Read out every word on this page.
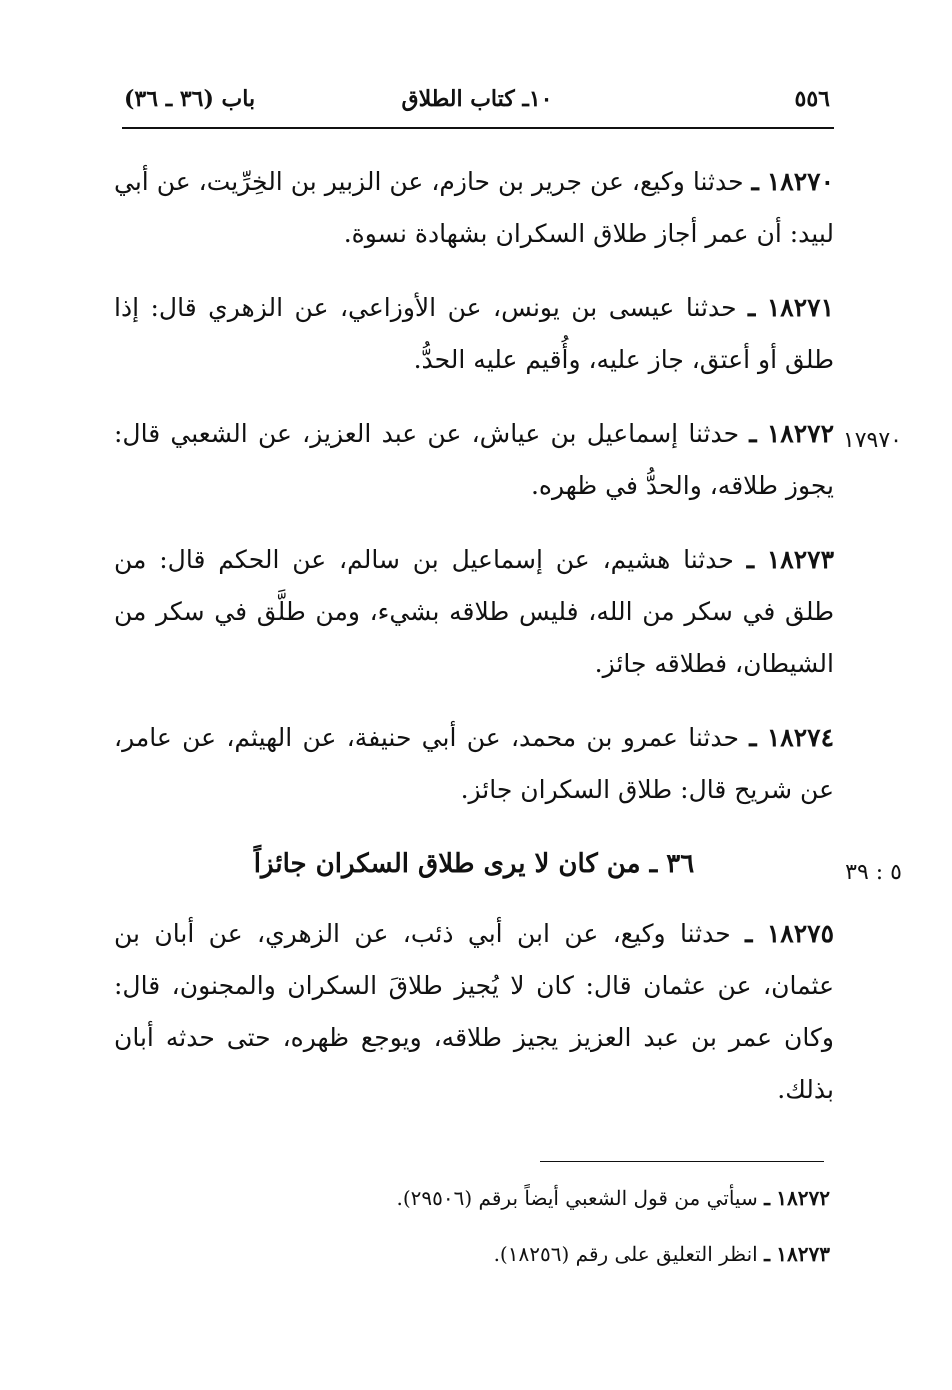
٥٥٦
١٠ـ كتاب الطلاق
باب (٣٦ ـ ٣٦)

١٨٢٧٠ ـ حدثنا وكيع، عن جرير بن حازم، عن الزبير بن الخِرِّيت، عن أبي لبيد: أن عمر أجاز طلاق السكران بشهادة نسوة.

١٨٢٧١ ـ حدثنا عيسى بن يونس، عن الأوزاعي، عن الزهري قال: إذا طلق أو أعتق، جاز عليه، وأُقيم عليه الحدُّ.

١٨٢٧٢ ـ حدثنا إسماعيل بن عياش، عن عبد العزيز، عن الشعبي قال: يجوز طلاقه، والحدُّ في ظهره.

١٨٢٧٣ ـ حدثنا هشيم، عن إسماعيل بن سالم، عن الحكم قال: من طلق في سكر من الله، فليس طلاقه بشيء، ومن طلَّق في سكر من الشيطان، فطلاقه جائز.

١٨٢٧٤ ـ حدثنا عمرو بن محمد، عن أبي حنيفة، عن الهيثم، عن عامر، عن شريح قال: طلاق السكران جائز.

٣٦ ـ من كان لا يرى طلاق السكران جائزاً

١٨٢٧٥ ـ حدثنا وكيع، عن ابن أبي ذئب، عن الزهري، عن أبان بن عثمان، عن عثمان قال: كان لا يُجيز طلاقَ السكران والمجنون، قال: وكان عمر بن عبد العزيز يجيز طلاقه، ويوجع ظهره، حتى حدثه أبان بذلك.

١٧٩٧٠
٥ : ٣٩

١٨٢٧٢ ـ سيأتي من قول الشعبي أيضاً برقم (٢٩٥٠٦).

١٨٢٧٣ ـ انظر التعليق على رقم (١٨٢٥٦).
